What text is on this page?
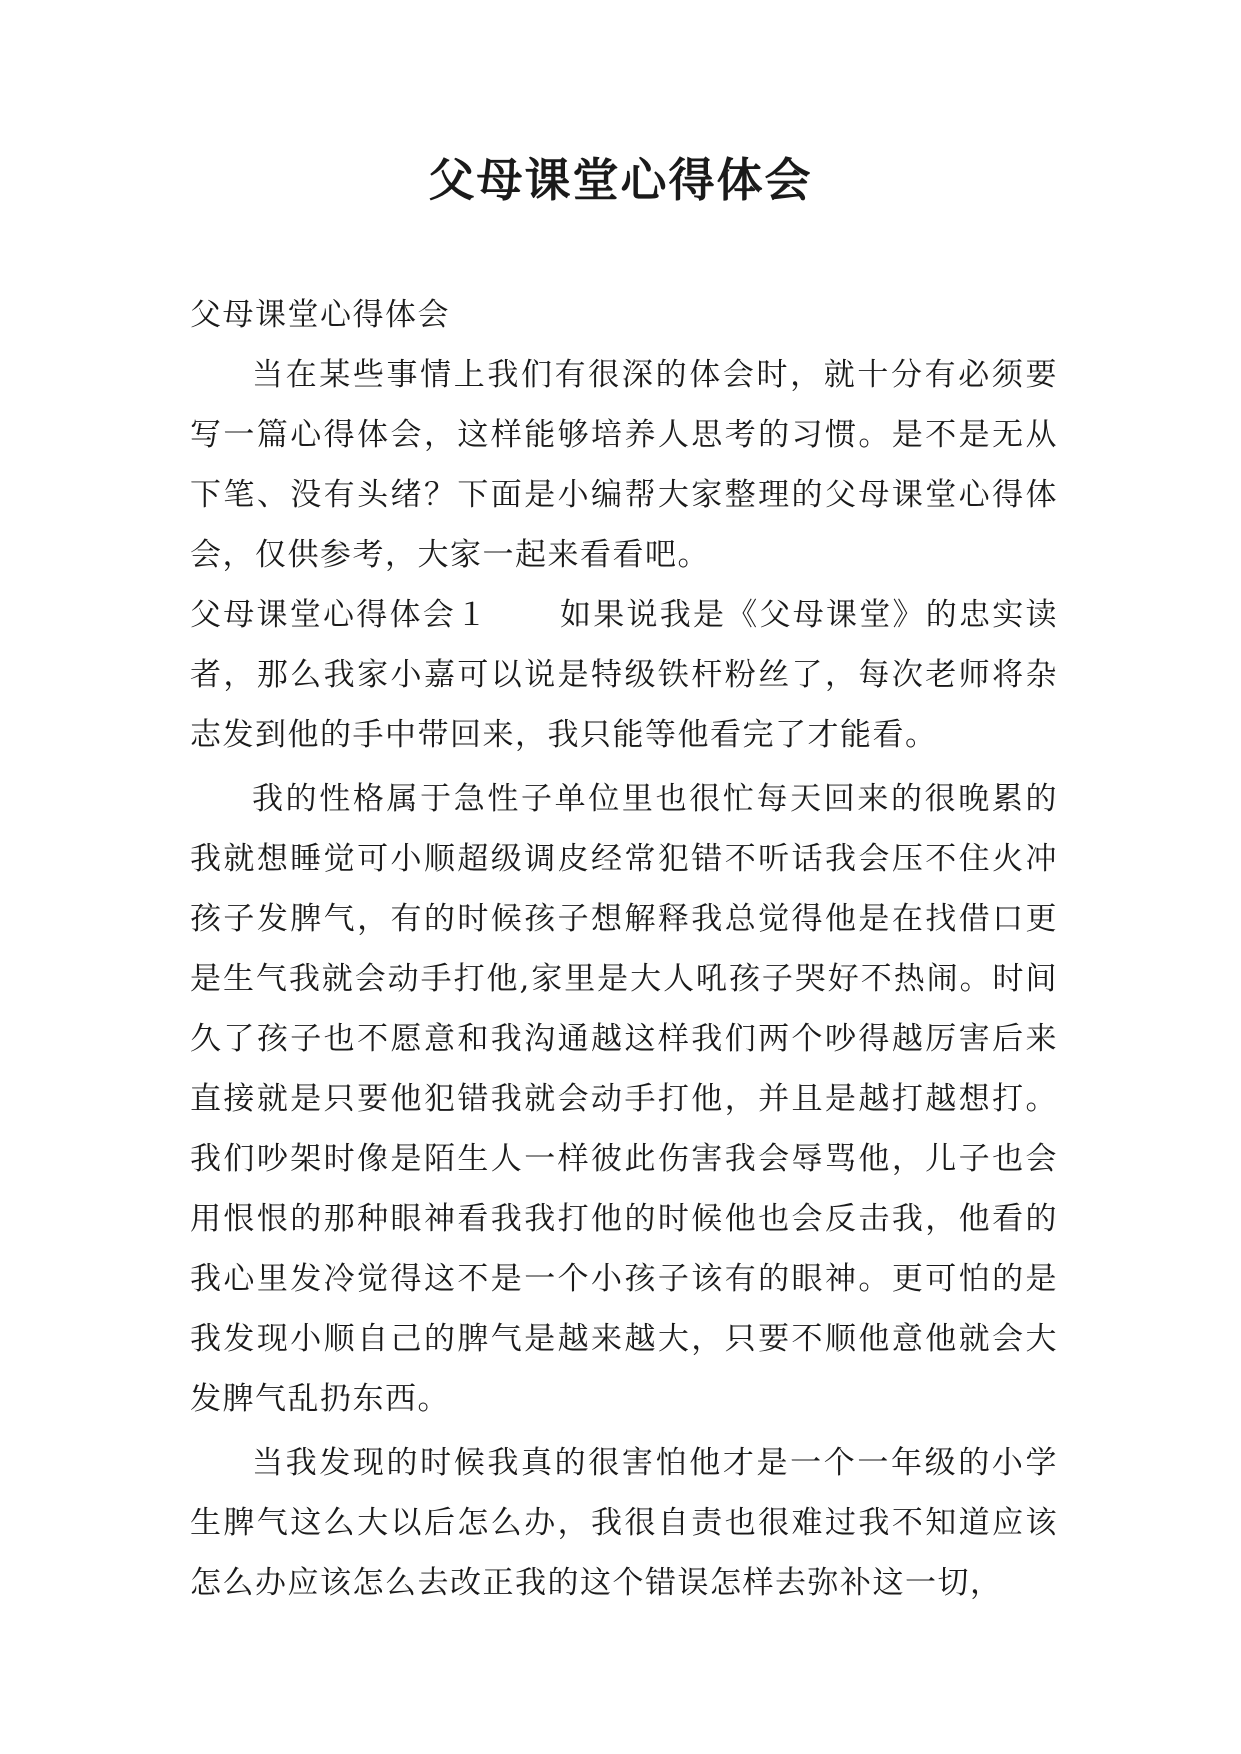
父母课堂心得体会

父母课堂心得体会

当在某些事情上我们有很深的体会时，就十分有必须要写一篇心得体会，这样能够培养人思考的习惯。是不是无从下笔、没有头绪？下面是小编帮大家整理的父母课堂心得体会，仅供参考，大家一起来看看吧。

父母课堂心得体会１ 如果说我是《父母课堂》的忠实读者，那么我家小嘉可以说是特级铁杆粉丝了，每次老师将杂志发到他的手中带回来，我只能等他看完了才能看。

我的性格属于急性子单位里也很忙每天回来的很晚累的我就想睡觉可小顺超级调皮经常犯错不听话我会压不住火冲孩子发脾气，有的时候孩子想解释我总觉得他是在找借口更是生气我就会动手打他,家里是大人吼孩子哭好不热闹。时间久了孩子也不愿意和我沟通越这样我们两个吵得越厉害后来直接就是只要他犯错我就会动手打他，并且是越打越想打。我们吵架时像是陌生人一样彼此伤害我会辱骂他，儿子也会用恨恨的那种眼神看我我打他的时候他也会反击我，他看的我心里发冷觉得这不是一个小孩子该有的眼神。更可怕的是我发现小顺自己的脾气是越来越大，只要不顺他意他就会大发脾气乱扔东西。

当我发现的时候我真的很害怕他才是一个一年级的小学生脾气这么大以后怎么办，我很自责也很难过我不知道应该怎么办应该怎么去改正我的这个错误怎样去弥补这一切，
